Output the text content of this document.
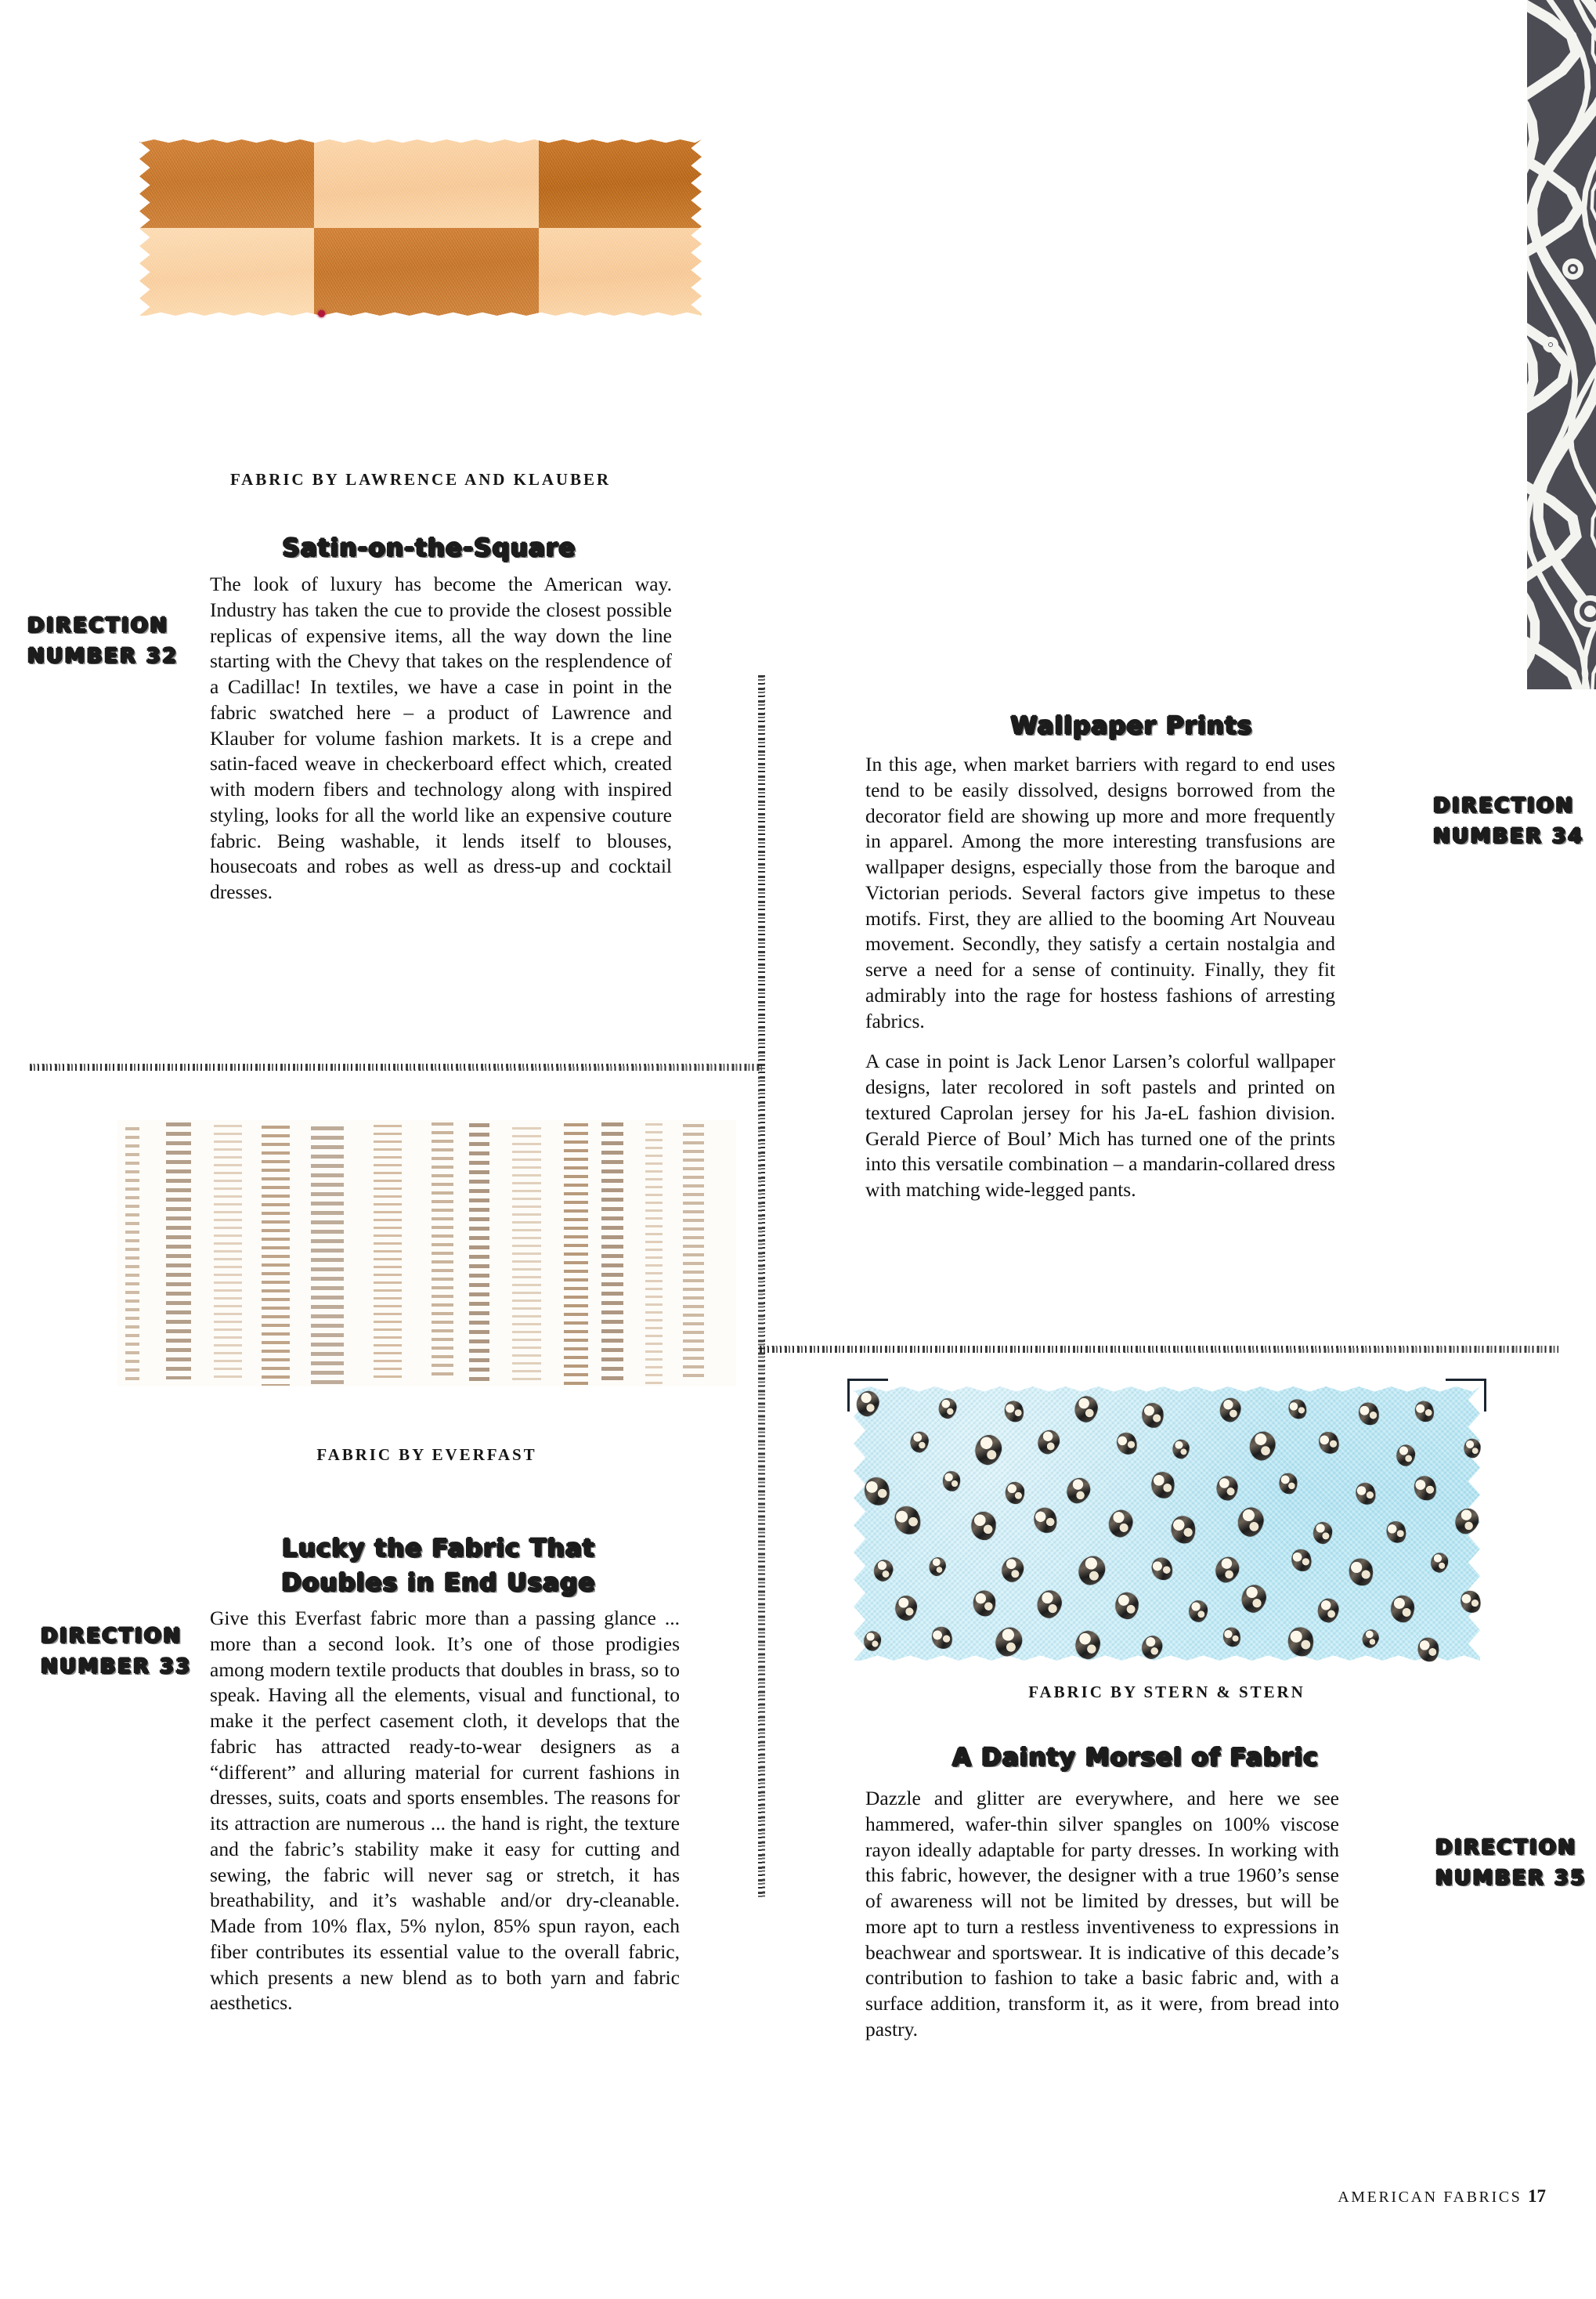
FABRIC BY LAWRENCE AND KLAUBER
Satin-on-the-Square
DIRECTION
NUMBER 32

The look of luxury has become the American way. Industry has taken the cue to provide the closest possible replicas of expensive items, all the way down the line starting with the Chevy that takes on the resplendence of a Cadillac! In textiles, we have a case in point in the fabric swatched here – a product of Lawrence and Klauber for volume fashion markets. It is a crepe and satin-faced weave in checkerboard effect which, created with modern fibers and technology along with inspired styling, looks for all the world like an expensive couture fabric. Being washable, it lends itself to blouses, housecoats and robes as well as dress-up and cocktail dresses.

FABRIC BY EVERFAST
Lucky the Fabric That
Doubles in End Usage
DIRECTION
NUMBER 33

Give this Everfast fabric more than a passing glance ... more than a second look. It’s one of those prodigies among modern textile products that doubles in brass, so to speak. Having all the elements, visual and functional, to make it the perfect casement cloth, it develops that the fabric has attracted ready-to-wear designers as a “different” and alluring material for current fashions in dresses, suits, coats and sports ensembles. The reasons for its attraction are numerous ... the hand is right, the texture and the fabric’s stability make it easy for cutting and sewing, the fabric will never sag or stretch, it has breathability, and it’s washable and/or dry-cleanable. Made from 10% flax, 5% nylon, 85% spun rayon, each fiber contributes its essential value to the overall fabric, which presents a new blend as to both yarn and fabric aesthetics.

Wallpaper Prints
DIRECTION
NUMBER 34

In this age, when market barriers with regard to end uses tend to be easily dissolved, designs borrowed from the decorator field are showing up more and more frequently in apparel. Among the more interesting transfusions are wallpaper designs, especially those from the baroque and Victorian periods. Several factors give impetus to these motifs. First, they are allied to the booming Art Nouveau movement. Secondly, they satisfy a certain nostalgia and serve a need for a sense of continuity. Finally, they fit admirably into the rage for hostess fashions of arresting fabrics.

A case in point is Jack Lenor Larsen’s colorful wallpaper designs, later recolored in soft pastels and printed on textured Caprolan jersey for his Ja-eL fashion division. Gerald Pierce of Boul’ Mich has turned one of the prints into this versatile combination – a mandarin-collared dress with matching wide-legged pants.

FABRIC BY STERN & STERN
A Dainty Morsel of Fabric
DIRECTION
NUMBER 35

Dazzle and glitter are everywhere, and here we see hammered, wafer-thin silver spangles on 100% viscose rayon ideally adaptable for party dresses. In working with this fabric, however, the designer with a true 1960’s sense of awareness will not be limited by dresses, but will be more apt to turn a restless inventiveness to expressions in beachwear and sportswear. It is indicative of this decade’s contribution to fashion to take a basic fabric and, with a surface addition, transform it, as it were, from bread into pastry.

AMERICAN FABRICS 17
